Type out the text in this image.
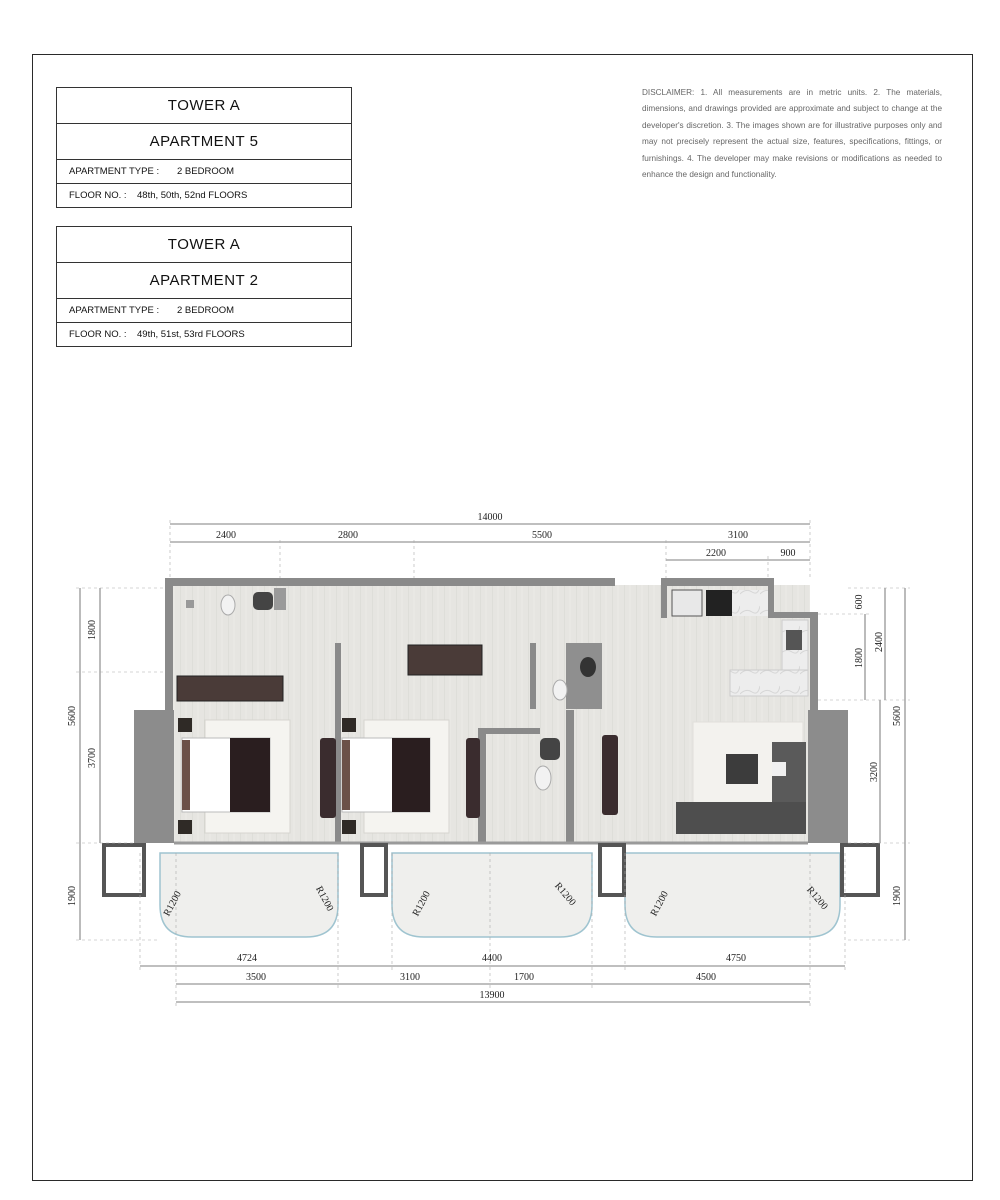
TOWER A
APARTMENT 5
APARTMENT TYPE :	2 BEDROOM
FLOOR NO. :	48th, 50th, 52nd FLOORS
TOWER A
APARTMENT 2
APARTMENT TYPE :	2 BEDROOM
FLOOR NO. :	49th, 51st, 53rd FLOORS
DISCLAIMER: 1. All measurements are in metric units. 2. The materials, dimensions, and drawings provided are approximate and subject to change at the developer's discretion. 3. The images shown are for illustrative purposes only and may not precisely represent the actual size, features, specifications, fittings, or furnishings. 4. The developer may make revisions or modifications as needed to enhance the design and functionality.
14000
2400	2800	5500	3100
2200	900
1800
5600
3700
1900
600
2400
1800
5600
3200
1900
R1200	R1200	R1200	R1200	R1200	R1200
4724	4400	4750
3500	3100	1700	4500
13900
